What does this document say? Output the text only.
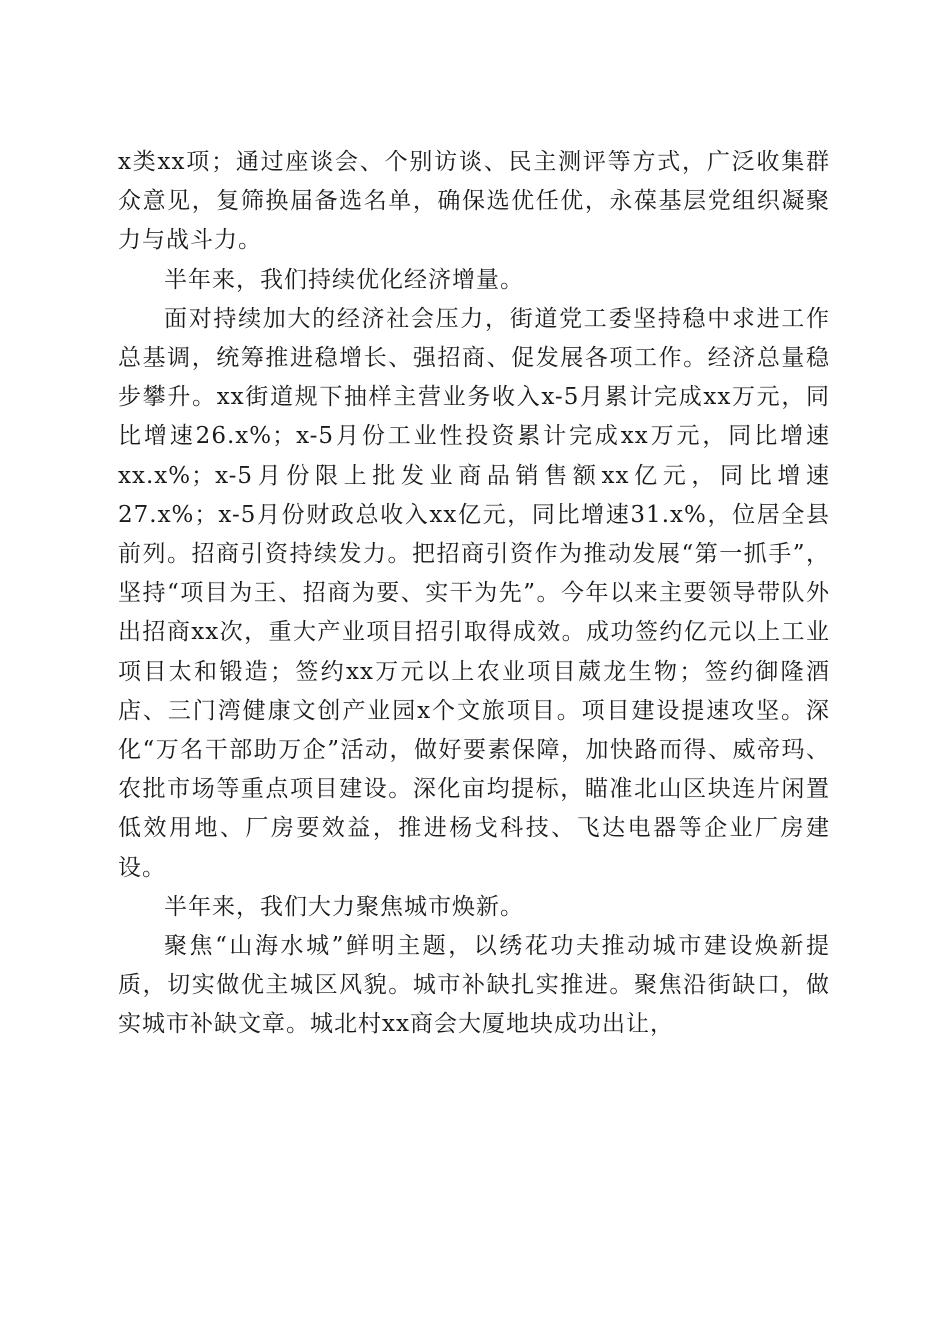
x类xx项；通过座谈会、个别访谈、民主测评等方式，广泛收集群众意见，复筛换届备选名单，确保选优任优，永葆基层党组织凝聚力与战斗力。

半年来，我们持续优化经济增量。

面对持续加大的经济社会压力，街道党工委坚持稳中求进工作总基调，统筹推进稳增长、强招商、促发展各项工作。经济总量稳步攀升。xx街道规下抽样主营业务收入x-5月累计完成xx万元，同比增速26.x%；x-5月份工业性投资累计完成xx万元，同比增速xx.x%；x-5月份限上批发业商品销售额xx亿元，同比增速27.x%；x-5月份财政总收入xx亿元，同比增速31.x%，位居全县前列。招商引资持续发力。把招商引资作为推动发展“第一抓手”，坚持“项目为王、招商为要、实干为先”。今年以来主要领导带队外出招商xx次，重大产业项目招引取得成效。成功签约亿元以上工业项目太和锻造；签约xx万元以上农业项目葳龙生物；签约御隆酒店、三门湾健康文创产业园x个文旅项目。项目建设提速攻坚。深化“万名干部助万企”活动，做好要素保障，加快路而得、威帝玛、农批市场等重点项目建设。深化亩均提标，瞄准北山区块连片闲置低效用地、厂房要效益，推进杨戈科技、飞达电器等企业厂房建设。

半年来，我们大力聚焦城市焕新。

聚焦“山海水城”鲜明主题，以绣花功夫推动城市建设焕新提质，切实做优主城区风貌。城市补缺扎实推进。聚焦沿街缺口，做实城市补缺文章。城北村xx商会大厦地块成功出让，
